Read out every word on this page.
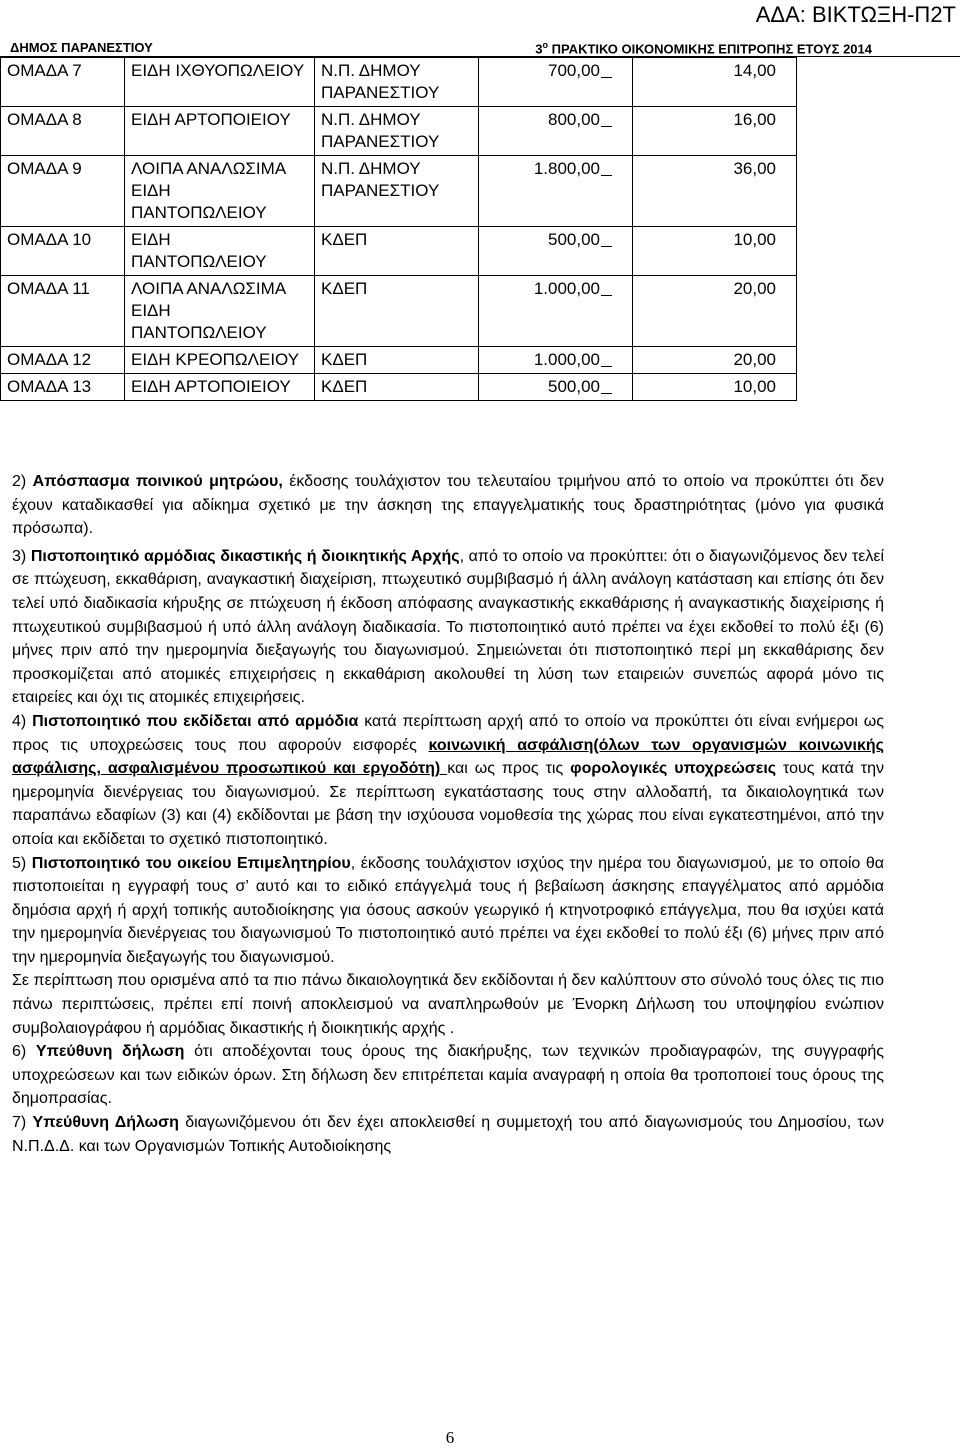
ΑΔΑ: ΒΙΚΤΩΞΗ-Π2Τ
ΔΗΜΟΣ ΠΑΡΑΝΕΣΤΙΟΥ	$3^o$ ΠΡΑΚΤΙΚΟ ΟΙΚΟΝΟΜΙΚΗΣ ΕΠΙΤΡΟΠΗΣ ΕΤΟΥΣ 2014
ΟΜΑΔΑ 7	ΕΙΔΗ ΙΧΘΥΟΠΩΛΕΙΟΥ	Ν.Π. ΔΗΜΟΥ ΠΑΡΑΝΕΣΤΙΟΥ	700,00	14,00
ΟΜΑΔΑ 8	ΕΙΔΗ ΑΡΤΟΠΟΙΕΙΟΥ	Ν.Π. ΔΗΜΟΥ ΠΑΡΑΝΕΣΤΙΟΥ	800,00	16,00
ΟΜΑΔΑ 9	ΛΟΙΠΑ ΑΝΑΛΩΣΙΜΑ ΕΙΔΗ ΠΑΝΤΟΠΩΛΕΙΟΥ	Ν.Π. ΔΗΜΟΥ ΠΑΡΑΝΕΣΤΙΟΥ	1.800,00	36,00
ΟΜΑΔΑ 10	ΕΙΔΗ ΠΑΝΤΟΠΩΛΕΙΟΥ	ΚΔΕΠ	500,00	10,00
ΟΜΑΔΑ 11	ΛΟΙΠΑ ΑΝΑΛΩΣΙΜΑ ΕΙΔΗ ΠΑΝΤΟΠΩΛΕΙΟΥ	ΚΔΕΠ	1.000,00	20,00
ΟΜΑΔΑ 12	ΕΙΔΗ ΚΡΕΟΠΩΛΕΙΟΥ	ΚΔΕΠ	1.000,00	20,00
ΟΜΑΔΑ 13	ΕΙΔΗ ΑΡΤΟΠΟΙΕΙΟΥ	ΚΔΕΠ	500,00	10,00

2) Απόσπασμα ποινικού μητρώου, έκδοσης τουλάχιστον του τελευταίου τριμήνου από το οποίο να προκύπτει ότι δεν έχουν καταδικασθεί για αδίκημα σχετικό με την άσκηση της επαγγελματικής τους δραστηριότητας (μόνο για φυσικά πρόσωπα).

3) Πιστοποιητικό αρμόδιας δικαστικής ή διοικητικής Αρχής, από το οποίο να προκύπτει: ότι ο διαγωνιζόμενος δεν τελεί σε πτώχευση, εκκαθάριση, αναγκαστική διαχείριση, πτωχευτικό συμβιβασμό ή άλλη ανάλογη κατάσταση και επίσης ότι δεν τελεί υπό διαδικασία κήρυξης σε πτώχευση ή έκδοση απόφασης αναγκαστικής εκκαθάρισης ή αναγκαστικής διαχείρισης ή πτωχευτικού συμβιβασμού ή υπό άλλη ανάλογη διαδικασία. Το πιστοποιητικό αυτό πρέπει να έχει εκδοθεί το πολύ έξι (6) μήνες πριν από την ημερομηνία διεξαγωγής του διαγωνισμού. Σημειώνεται ότι πιστοποιητικό περί μη εκκαθάρισης δεν προσκομίζεται από ατομικές επιχειρήσεις η εκκαθάριση ακολουθεί τη λύση των εταιρειών συνεπώς αφορά μόνο τις εταιρείες και όχι τις ατομικές επιχειρήσεις.

4) Πιστοποιητικό που εκδίδεται από αρμόδια κατά περίπτωση αρχή από το οποίο να προκύπτει ότι είναι ενήμεροι ως προς τις υποχρεώσεις τους που αφορούν εισφορές κοινωνική ασφάλιση(όλων των οργανισμών κοινωνικής ασφάλισης, ασφαλισμένου προσωπικού και εργοδότη) και ως προς τις φορολογικές υποχρεώσεις τους κατά την ημερομηνία διενέργειας του διαγωνισμού. Σε περίπτωση εγκατάστασης τους στην αλλοδαπή, τα δικαιολογητικά των παραπάνω εδαφίων (3) και (4) εκδίδονται με βάση την ισχύουσα νομοθεσία της χώρας που είναι εγκατεστημένοι, από την οποία και εκδίδεται το σχετικό πιστοποιητικό.

5) Πιστοποιητικό του οικείου Επιμελητηρίου, έκδοσης τουλάχιστον ισχύος την ημέρα του διαγωνισμού, με το οποίο θα πιστοποιείται η εγγραφή τους σ’ αυτό και το ειδικό επάγγελμά τους ή βεβαίωση άσκησης επαγγέλματος από αρμόδια δημόσια αρχή ή αρχή τοπικής αυτοδιοίκησης για όσους ασκούν γεωργικό ή κτηνοτροφικό επάγγελμα, που θα ισχύει κατά την ημερομηνία διενέργειας του διαγωνισμού Το πιστοποιητικό αυτό πρέπει να έχει εκδοθεί το πολύ έξι (6) μήνες πριν από την ημερομηνία διεξαγωγής του διαγωνισμού.

Σε περίπτωση που ορισμένα από τα πιο πάνω δικαιολογητικά δεν εκδίδονται ή δεν καλύπτουν στο σύνολό τους όλες τις πιο πάνω περιπτώσεις, πρέπει επί ποινή αποκλεισμού να αναπληρωθούν με Ένορκη Δήλωση του υποψηφίου ενώπιον συμβολαιογράφου ή αρμόδιας δικαστικής ή διοικητικής αρχής .

6) Υπεύθυνη δήλωση ότι αποδέχονται τους όρους της διακήρυξης, των τεχνικών προδιαγραφών, της συγγραφής υποχρεώσεων και των ειδικών όρων. Στη δήλωση δεν επιτρέπεται καμία αναγραφή η οποία θα τροποποιεί τους όρους της δημοπρασίας.

7) Υπεύθυνη Δήλωση διαγωνιζόμενου ότι δεν έχει αποκλεισθεί η συμμετοχή του από διαγωνισμούς του Δημοσίου, των Ν.Π.Δ.Δ. και των Οργανισμών Τοπικής Αυτοδιοίκησης

6
